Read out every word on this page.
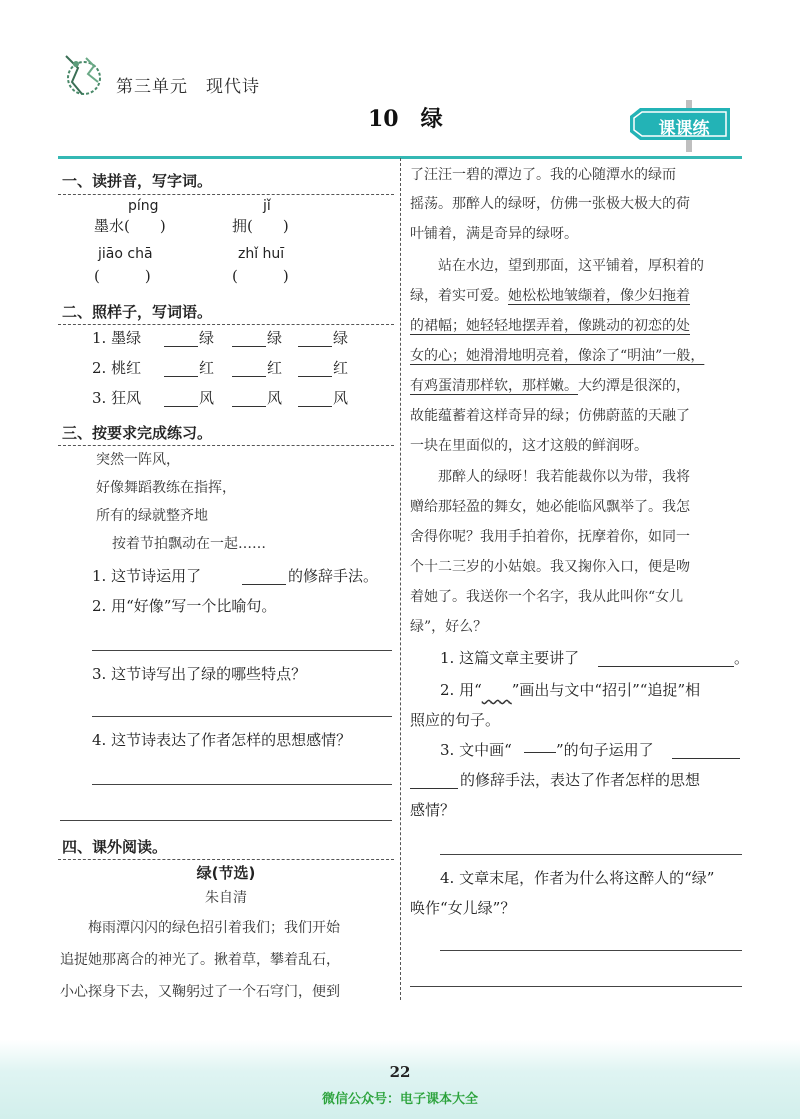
第三单元　现代诗
10　绿	课课练
一、读拼音，写字词。
píng	jǐ
墨水(　　)	拥(　　)
jiāo chā	zhǐ huī
(　　　)	(　　　)
二、照样子，写词语。
1. 墨绿	绿	绿	绿
2. 桃红	红	红	红
3. 狂风	风	风	风
三、按要求完成练习。
突然一阵风，
好像舞蹈教练在指挥，
所有的绿就整齐地
按着节拍飘动在一起……
1. 这节诗运用了	的修辞手法。
2. 用“好像”写一个比喻句。
3. 这节诗写出了绿的哪些特点？
4. 这节诗表达了作者怎样的思想感情？
四、课外阅读。
绿(节选)
朱自清
　　梅雨潭闪闪的绿色招引着我们；我们开始
追捉她那离合的神光了。揪着草，攀着乱石，
小心探身下去，又鞠躬过了一个石穹门，便到
了汪汪一碧的潭边了。我的心随潭水的绿而
摇荡。那醉人的绿呀，仿佛一张极大极大的荷
叶铺着，满是奇异的绿呀。
　　站在水边，望到那面，这平铺着，厚积着的
绿，着实可爱。她松松地皱缬着，像少妇拖着
的裙幅；她轻轻地摆弄着，像跳动的初恋的处
女的心；她滑滑地明亮着，像涂了“明油”一般，
有鸡蛋清那样软，那样嫩。大约潭是很深的，
故能蕴蓄着这样奇异的绿；仿佛蔚蓝的天融了
一块在里面似的，这才这般的鲜润呀。
　　那醉人的绿呀！我若能裁你以为带，我将
赠给那轻盈的舞女，她必能临风飘举了。我怎
舍得你呢？我用手拍着你，抚摩着你，如同一
个十二三岁的小姑娘。我又掬你入口，便是吻
着她了。我送你一个名字，我从此叫你“女儿
绿”，好么？
1. 这篇文章主要讲了	。
2. 用“　　 ”画出与文中“招引”“追捉”相
照应的句子。
3. 文中画“	”的句子运用了
的修辞手法，表达了作者怎样的思想
感情？
4. 文章末尾，作者为什么将这醉人的“绿”
唤作“女儿绿”？
22
微信公众号：电子课本大全
